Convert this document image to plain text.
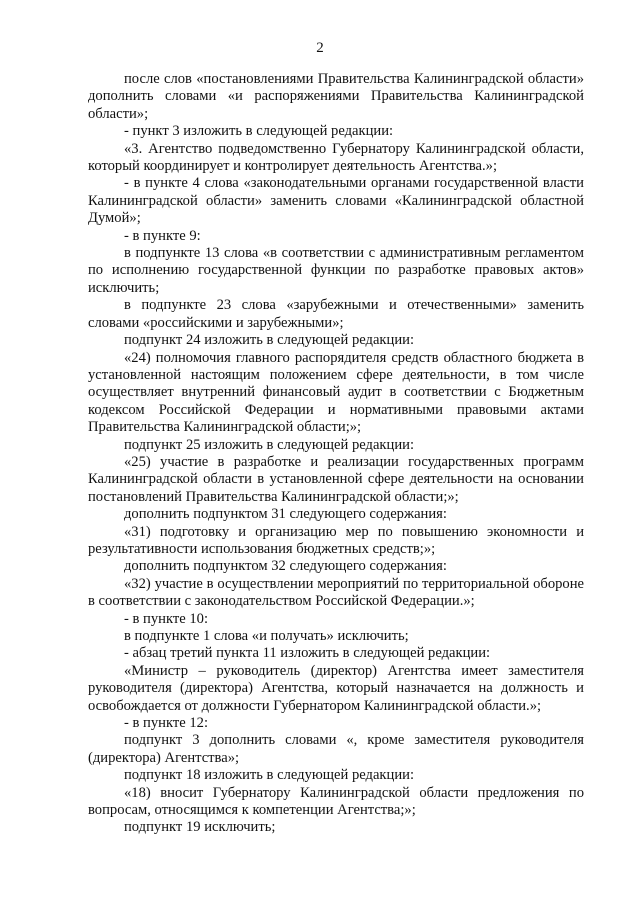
2

после слов «постановлениями Правительства Калининградской области» дополнить словами «и распоряжениями Правительства Калининградской области»;

- пункт 3 изложить в следующей редакции:

«3. Агентство подведомственно Губернатору Калининградской области, который координирует и контролирует деятельность Агентства.»;

- в пункте 4 слова «законодательными органами государственной власти Калининградской области» заменить словами «Калининградской областной Думой»;

- в пункте 9:

в подпункте 13 слова «в соответствии с административным регламентом по исполнению государственной функции по разработке правовых актов» исключить;

в подпункте 23 слова «зарубежными и отечественными» заменить словами «российскими и зарубежными»;

подпункт 24 изложить в следующей редакции:

«24) полномочия главного распорядителя средств областного бюджета в установленной настоящим положением сфере деятельности, в том числе осуществляет внутренний финансовый аудит в соответствии с Бюджетным кодексом Российской Федерации и нормативными правовыми актами Правительства Калининградской области;»;

подпункт 25 изложить в следующей редакции:

«25) участие в разработке и реализации государственных программ Калининградской области в установленной сфере деятельности на основании постановлений Правительства Калининградской области;»;

дополнить подпунктом 31 следующего содержания:

«31) подготовку и организацию мер по повышению экономности и результативности использования бюджетных средств;»;

дополнить подпунктом 32 следующего содержания:

«32) участие в осуществлении мероприятий по территориальной обороне в соответствии с законодательством Российской Федерации.»;

- в пункте 10:

в подпункте 1 слова «и получать» исключить;

- абзац третий пункта 11 изложить в следующей редакции:

«Министр – руководитель (директор) Агентства имеет заместителя руководителя (директора) Агентства, который назначается на должность и освобождается от должности Губернатором Калининградской области.»;

- в пункте 12:

подпункт 3 дополнить словами «, кроме заместителя руководителя (директора) Агентства»;

подпункт 18 изложить в следующей редакции:

«18) вносит Губернатору Калининградской области предложения по вопросам, относящимся к компетенции Агентства;»;

подпункт 19 исключить;
